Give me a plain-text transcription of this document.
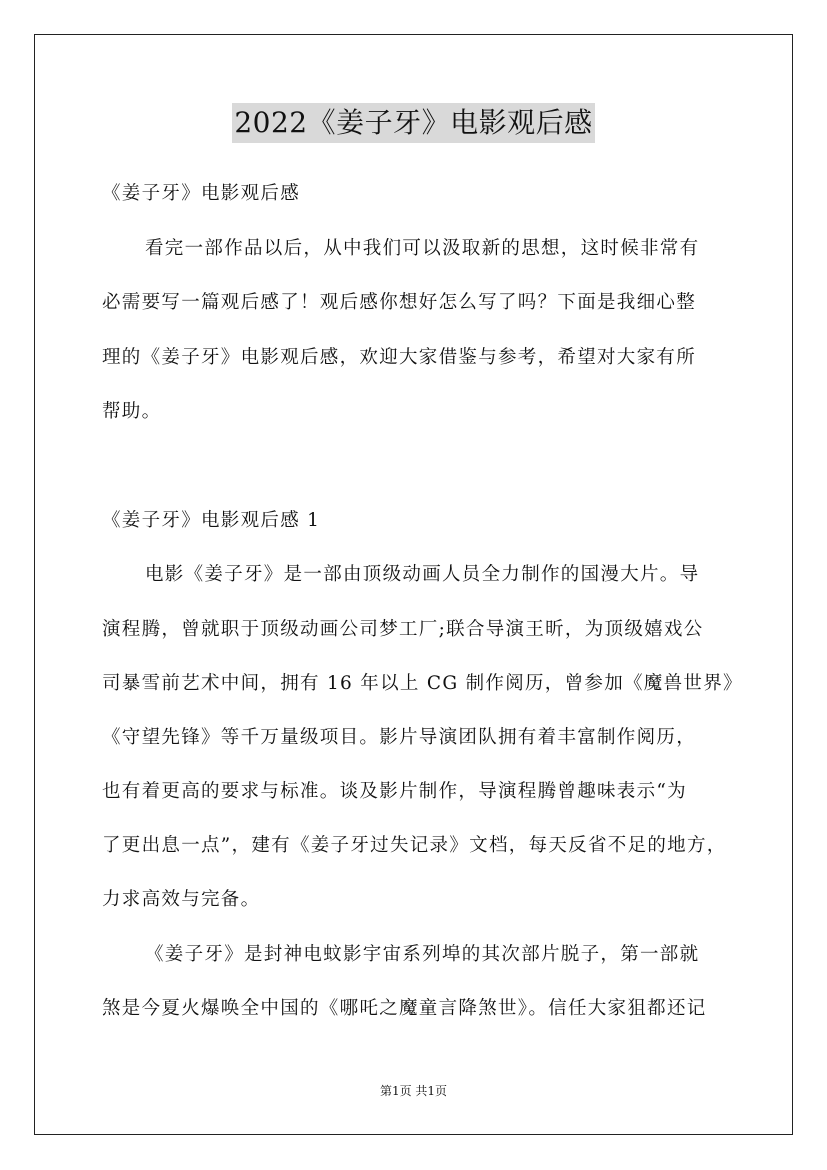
2022《姜子牙》电影观后感
《姜子牙》电影观后感
看完一部作品以后，从中我们可以汲取新的思想，这时候非常有
必需要写一篇观后感了！观后感你想好怎么写了吗？下面是我细心整
理的《姜子牙》电影观后感，欢迎大家借鉴与参考，希望对大家有所
帮助。
《姜子牙》电影观后感 1
电影《姜子牙》是一部由顶级动画人员全力制作的国漫大片。导
演程腾，曾就职于顶级动画公司梦工厂;联合导演王昕，为顶级嬉戏公
司暴雪前艺术中间，拥有 16 年以上 CG 制作阅历，曾参加《魔兽世界》
《守望先锋》等千万量级项目。影片导演团队拥有着丰富制作阅历，
也有着更高的要求与标准。谈及影片制作，导演程腾曾趣味表示“为
了更出息一点”，建有《姜子牙过失记录》文档，每天反省不足的地方，
力求高效与完备。
《姜子牙》是封神电蚊影宇宙系列埠的其次部片脱子，第一部就
煞是今夏火爆唤全中国的《哪吒之魔童言降煞世》。信任大家狙都还记
第1页 共1页
